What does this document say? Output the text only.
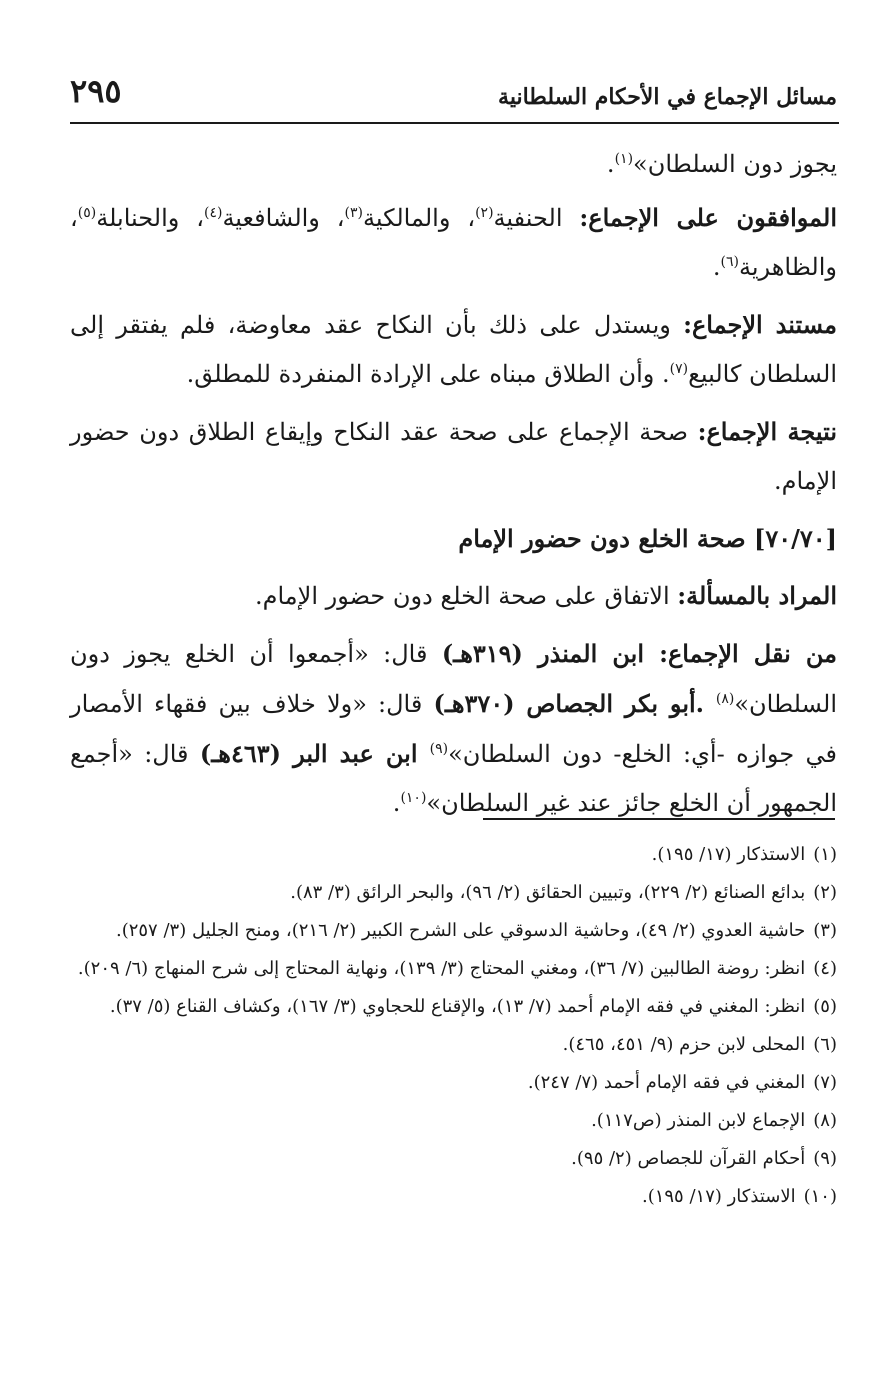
مسائل الإجماع في الأحكام السلطانية
٢٩٥

يجوز دون السلطان»$^{(١)}$.

الموافقون على الإجماع: الحنفية$^{(٢)}$، والمالكية$^{(٣)}$، والشافعية$^{(٤)}$، والحنابلة$^{(٥)}$، والظاهرية$^{(٦)}$.

مستند الإجماع: ويستدل على ذلك بأن النكاح عقد معاوضة، فلم يفتقر إلى السلطان كالبيع$^{(٧)}$. وأن الطلاق مبناه على الإرادة المنفردة للمطلق.

نتيجة الإجماع: صحة الإجماع على صحة عقد النكاح وإيقاع الطلاق دون حضور الإمام.

[٧٠/٧٠] صحة الخلع دون حضور الإمام

المراد بالمسألة: الاتفاق على صحة الخلع دون حضور الإمام.

من نقل الإجماع: ابن المنذر (٣١٩هـ) قال: «أجمعوا أن الخلع يجوز دون السلطان»$^{(٨)}$ .أبو بكر الجصاص (٣٧٠هـ) قال: «ولا خلاف بين فقهاء الأمصار في جوازه -أي: الخلع- دون السلطان»$^{(٩)}$ ابن عبد البر (٤٦٣هـ) قال: «أجمع الجمهور أن الخلع جائز عند غير السلطان»$^{(١٠)}$.

(١)
الاستذكار (١٧/ ١٩٥).
(٢)
بدائع الصنائع (٢/ ٢٢٩)، وتبيين الحقائق (٢/ ٩٦)، والبحر الرائق (٣/ ٨٣).
(٣)
حاشية العدوي (٢/ ٤٩)، وحاشية الدسوقي على الشرح الكبير (٢/ ٢١٦)، ومنح الجليل (٣/ ٢٥٧).
(٤)
انظر: روضة الطالبين (٧/ ٣٦)، ومغني المحتاج (٣/ ١٣٩)، ونهاية المحتاج إلى شرح المنهاج (٦/ ٢٠٩).
(٥)
انظر: المغني في فقه الإمام أحمد (٧/ ١٣)، والإقناع للحجاوي (٣/ ١٦٧)، وكشاف القناع (٥/ ٣٧).
(٦)
المحلى لابن حزم (٩/ ٤٥١، ٤٦٥).
(٧)
المغني في فقه الإمام أحمد (٧/ ٢٤٧).
(٨)
الإجماع لابن المنذر (ص١١٧).
(٩)
أحكام القرآن للجصاص (٢/ ٩٥).
(١٠)
الاستذكار (١٧/ ١٩٥).
